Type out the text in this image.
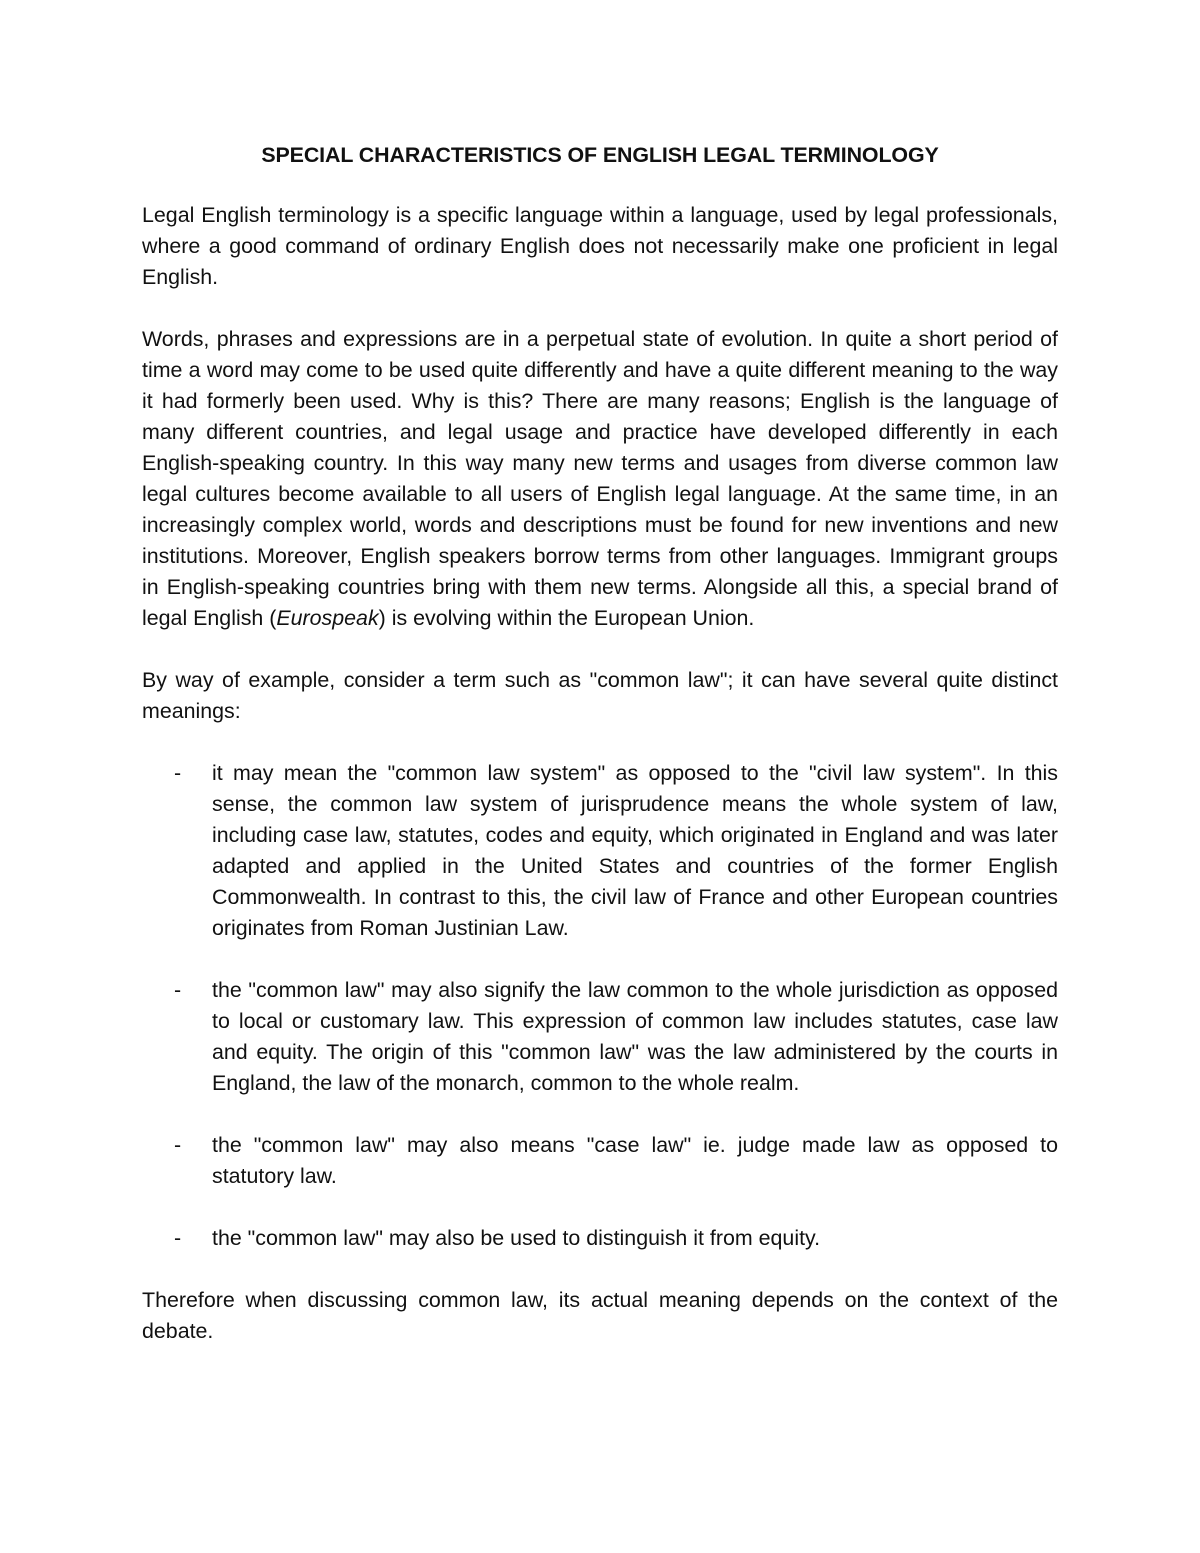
SPECIAL CHARACTERISTICS OF ENGLISH LEGAL TERMINOLOGY

Legal English terminology is a specific language within a language, used by legal professionals, where a good command of ordinary English does not necessarily make one proficient in legal English.

Words, phrases and expressions are in a perpetual state of evolution. In quite a short period of time a word may come to be used quite differently and have a quite different meaning to the way it had formerly been used. Why is this? There are many reasons; English is the language of many different countries, and legal usage and practice have developed differently in each English-speaking country. In this way many new terms and usages from diverse common law legal cultures become available to all users of English legal language. At the same time, in an increasingly complex world, words and descriptions must be found for new inventions and new institutions. Moreover, English speakers borrow terms from other languages. Immigrant groups in English-speaking countries bring with them new terms. Alongside all this, a special brand of legal English (Eurospeak) is evolving within the European Union.

By way of example, consider a term such as "common law"; it can have several quite distinct meanings:

- it may mean the "common law system" as opposed to the "civil law system". In this sense, the common law system of jurisprudence means the whole system of law, including case law, statutes, codes and equity, which originated in England and was later adapted and applied in the United States and countries of the former English Commonwealth. In contrast to this, the civil law of France and other European countries originates from Roman Justinian Law.
- the "common law" may also signify the law common to the whole jurisdiction as opposed to local or customary law. This expression of common law includes statutes, case law and equity. The origin of this "common law" was the law administered by the courts in England, the law of the monarch, common to the whole realm.
- the "common law" may also means "case law" ie. judge made law as opposed to statutory law.
- the "common law" may also be used to distinguish it from equity.

Therefore when discussing common law, its actual meaning depends on the context of the debate.
